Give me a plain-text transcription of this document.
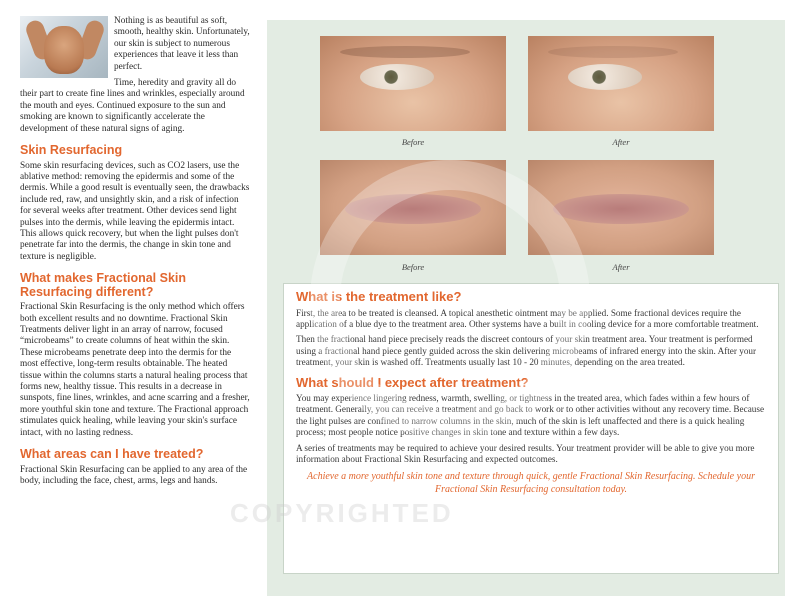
Nothing is as beautiful as soft, smooth, healthy skin. Unfortunately, our skin is subject to numerous experiences that leave it less than perfect.

Time, heredity and gravity all do their part to create fine lines and wrinkles, especially around the mouth and eyes. Continued exposure to the sun and smoking are known to significantly accelerate the development of these natural signs of aging.

Skin Resurfacing

Some skin resurfacing devices, such as CO2 lasers, use the ablative method: removing the epidermis and some of the dermis. While a good result is eventually seen, the drawbacks include red, raw, and unsightly skin, and a risk of infection for several weeks after treatment. Other devices send light pulses into the dermis, while leaving the epidermis intact. This allows quick recovery, but when the light pulses don't penetrate far into the dermis, the change in skin tone and texture is negligible.

What makes Fractional Skin Resurfacing different?

Fractional Skin Resurfacing is the only method which offers both excellent results and no downtime. Fractional Skin Treatments deliver light in an array of narrow, focused “microbeams” to create columns of heat within the skin. These microbeams penetrate deep into the dermis for the most effective, long-term results obtainable. The heated tissue within the columns starts a natural healing process that forms new, healthy tissue. This results in a decrease in sunspots, fine lines, wrinkles, and acne scarring and a fresher, more youthful skin tone and texture. The Fractional approach stimulates quick healing, while leaving your skin's surface intact, with no lasting redness.

What areas can I have treated?

Fractional Skin Resurfacing can be applied to any area of the body, including the face, chest, arms, legs and hands.

Before	After
Before	After
What is the treatment like?

First, the area to be treated is cleansed. A topical anesthetic ointment may be applied. Some fractional devices require the application of a blue dye to the treatment area. Other systems have a built in cooling device for a more comfortable treatment.

Then the fractional hand piece precisely reads the discreet contours of your skin treatment area. Your treatment is performed using a fractional hand piece gently guided across the skin delivering microbeams of infrared energy into the skin. After your treatment, your skin is washed off. Treatments usually last 10 - 20 minutes, depending on the area treated.

What should I expect after treatment?

You may experience lingering redness, warmth, swelling, or tightness in the treated area, which fades within a few hours of treatment. Generally, you can receive a treatment and go back to work or to other activities without any recovery time. Because the light pulses are confined to narrow columns in the skin, much of the skin is left unaffected and there is a quick healing process; most people notice positive changes in skin tone and texture within a few days.

A series of treatments may be required to achieve your desired results. Your treatment provider will be able to give you more information about Fractional Skin Resurfacing and expected outcomes.

Achieve a more youthful skin tone and texture through quick, gentle Fractional Skin Resurfacing. Schedule your Fractional Skin Resurfacing consultation today.
COPYRIGHTED
